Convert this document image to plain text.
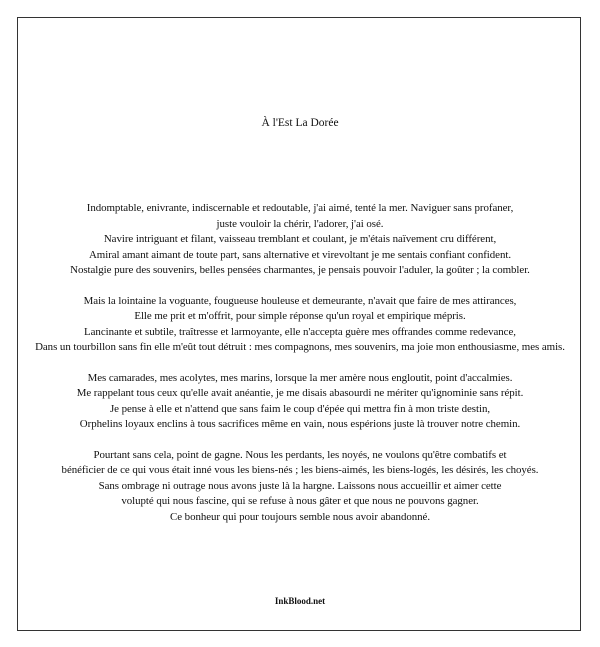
À l'Est La Dorée

Indomptable, enivrante, indiscernable et redoutable, j'ai aimé, tenté la mer. Naviguer sans profaner,
juste vouloir la chérir, l'adorer, j'ai osé.
Navire intriguant et filant, vaisseau tremblant et coulant, je m'étais naïvement cru différent,
Amiral amant aimant de toute part, sans alternative et virevoltant je me sentais confiant confident.
Nostalgie pure des souvenirs, belles pensées charmantes, je pensais pouvoir l'aduler, la goûter ; la combler.

Mais la lointaine la voguante, fougueuse houleuse et demeurante, n'avait que faire de mes attirances,
Elle me prit et m'offrit, pour simple réponse qu'un royal et empirique mépris.
Lancinante et subtile, traîtresse et larmoyante, elle n'accepta guère mes offrandes comme redevance,
Dans un tourbillon sans fin elle m'eût tout détruit : mes compagnons, mes souvenirs, ma joie mon enthousiasme, mes amis.

Mes camarades, mes acolytes, mes marins, lorsque la mer amère nous engloutit, point d'accalmies.
Me rappelant tous ceux qu'elle avait anéantie, je me disais abasourdi ne mériter qu'ignominie sans répit.
Je pense à elle et n'attend que sans faim le coup d'épée qui mettra fin à mon triste destin,
Orphelins loyaux enclins à tous sacrifices même en vain, nous espérions juste là trouver notre chemin.

Pourtant sans cela, point de gagne. Nous les perdants, les noyés, ne voulons qu'être combatifs et
bénéficier de ce qui vous était inné vous les biens-nés ; les biens-aimés, les biens-logés, les désirés, les choyés.
Sans ombrage ni outrage nous avons juste là la hargne. Laissons nous accueillir et aimer cette
volupté qui nous fascine, qui se refuse à nous gâter et que nous ne pouvons gagner.
Ce bonheur qui pour toujours semble nous avoir abandonné.

InkBlood.net
